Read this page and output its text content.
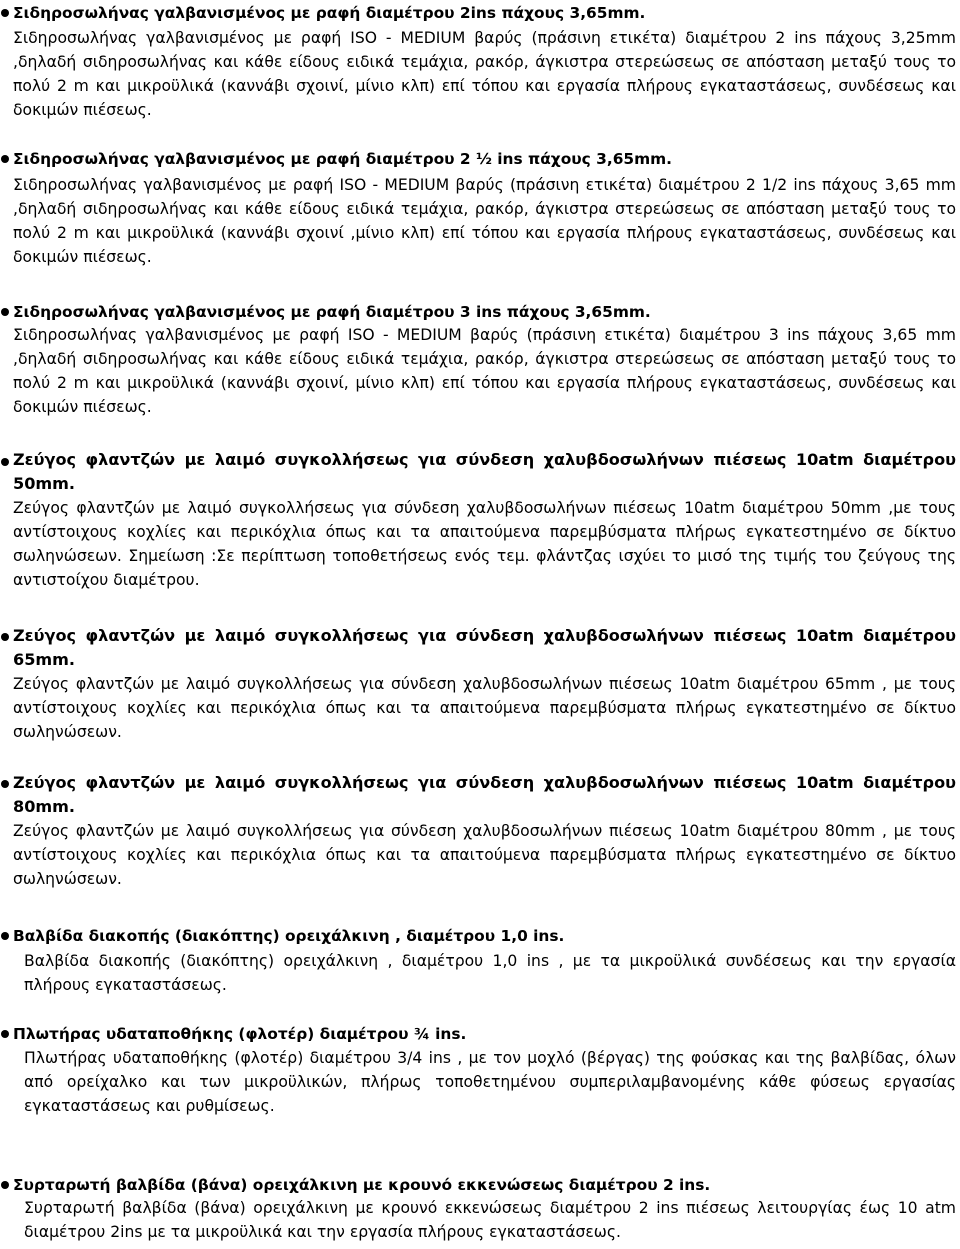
Σιδηροσωλήνας γαλβανισμένος με ραφή διαμέτρου 2ins πάχους 3,65mm.

Σιδηροσωλήνας γαλβανισμένος με ραφή ISO - MEDIUM βαρύς (πράσινη ετικέτα) διαμέτρου 2 ins πάχους 3,25mm ,δηλαδή σιδηροσωλήνας και κάθε είδους ειδικά τεμάχια, ρακόρ, άγκιστρα στερεώσεως σε απόσταση μεταξύ τους το πολύ 2 m και μικροϋλικά (καννάβι σχοινί, μίνιο κλπ) επί τόπου και εργασία πλήρους εγκαταστάσεως, συνδέσεως και δοκιμών πιέσεως.

Σιδηροσωλήνας γαλβανισμένος με ραφή διαμέτρου 2 ½ ins πάχους 3,65mm.

Σιδηροσωλήνας γαλβανισμένος με ραφή ISO - MEDIUM βαρύς (πράσινη ετικέτα) διαμέτρου 2 1/2 ins πάχους 3,65 mm ,δηλαδή σιδηροσωλήνας και κάθε είδους ειδικά τεμάχια, ρακόρ, άγκιστρα στερεώσεως σε απόσταση μεταξύ τους το πολύ 2 m και μικροϋλικά (καννάβι σχοινί ,μίνιο κλπ) επί τόπου και εργασία πλήρους εγκαταστάσεως, συνδέσεως και δοκιμών πιέσεως.

Σιδηροσωλήνας γαλβανισμένος με ραφή διαμέτρου 3 ins πάχους 3,65mm.

Σιδηροσωλήνας γαλβανισμένος με ραφή ISO - MEDIUM βαρύς (πράσινη ετικέτα) διαμέτρου 3 ins πάχους 3,65 mm ,δηλαδή σιδηροσωλήνας και κάθε είδους ειδικά τεμάχια, ρακόρ, άγκιστρα στερεώσεως σε απόσταση μεταξύ τους το πολύ 2 m και μικροϋλικά (καννάβι σχοινί, μίνιο κλπ) επί τόπου και εργασία πλήρους εγκαταστάσεως, συνδέσεως και δοκιμών πιέσεως.

Ζεύγος φλαντζών με λαιμό συγκολλήσεως για σύνδεση χαλυβδοσωλήνων πιέσεως 10atm διαμέτρου 50mm.

Ζεύγος φλαντζών με λαιμό συγκολλήσεως για σύνδεση χαλυβδοσωλήνων πιέσεως 10atm διαμέτρου 50mm ,με τους αντίστοιχους κοχλίες και περικόχλια όπως και τα απαιτούμενα παρεμβύσματα πλήρως εγκατεστημένο σε δίκτυο σωληνώσεων. Σημείωση :Σε περίπτωση τοποθετήσεως ενός τεμ. φλάντζας ισχύει το μισό της τιμής του ζεύγους της αντιστοίχου διαμέτρου.

Ζεύγος φλαντζών με λαιμό συγκολλήσεως για σύνδεση χαλυβδοσωλήνων πιέσεως 10atm διαμέτρου 65mm.

Ζεύγος φλαντζών με λαιμό συγκολλήσεως για σύνδεση χαλυβδοσωλήνων πιέσεως 10atm διαμέτρου 65mm , με τους αντίστοιχους κοχλίες και περικόχλια όπως και τα απαιτούμενα παρεμβύσματα πλήρως εγκατεστημένο σε δίκτυο σωληνώσεων.

Ζεύγος φλαντζών με λαιμό συγκολλήσεως για σύνδεση χαλυβδοσωλήνων πιέσεως 10atm διαμέτρου 80mm.

Ζεύγος φλαντζών με λαιμό συγκολλήσεως για σύνδεση χαλυβδοσωλήνων πιέσεως 10atm διαμέτρου 80mm , με τους αντίστοιχους κοχλίες και περικόχλια όπως και τα απαιτούμενα παρεμβύσματα πλήρως εγκατεστημένο σε δίκτυο σωληνώσεων.

Βαλβίδα διακοπής (διακόπτης) ορειχάλκινη , διαμέτρου 1,0 ins.

Βαλβίδα διακοπής (διακόπτης) ορειχάλκινη , διαμέτρου 1,0 ins , με τα μικροϋλικά συνδέσεως και την εργασία πλήρους εγκαταστάσεως.

Πλωτήρας υδαταποθήκης (φλοτέρ) διαμέτρου ¾ ins.

Πλωτήρας υδαταποθήκης (φλοτέρ) διαμέτρου 3/4 ins , με τον μοχλό (βέργας) της φούσκας και της βαλβίδας, όλων από ορείχαλκο και των μικροϋλικών, πλήρως τοποθετημένου συμπεριλαμβανομένης κάθε φύσεως εργασίας εγκαταστάσεως και ρυθμίσεως.

Συρταρωτή βαλβίδα (βάνα) ορειχάλκινη με κρουνό εκκενώσεως διαμέτρου 2 ins.

Συρταρωτή βαλβίδα (βάνα) ορειχάλκινη με κρουνό εκκενώσεως διαμέτρου 2 ins πιέσεως λειτουργίας έως 10 atm διαμέτρου 2ins με τα μικροϋλικά και την εργασία πλήρους εγκαταστάσεως.
